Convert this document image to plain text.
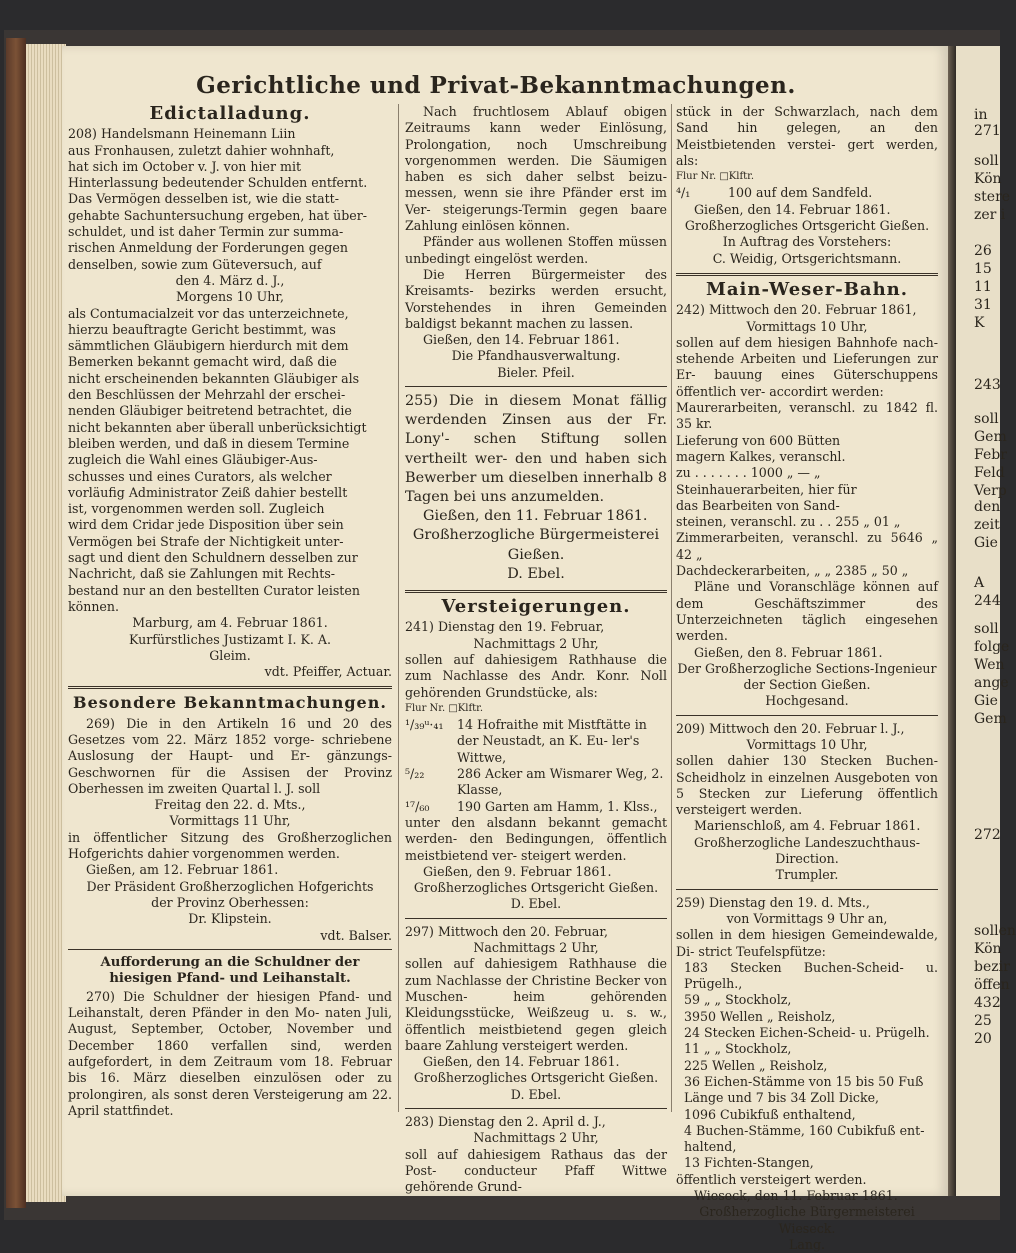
in
271
soll
Kön
stere
zer i
26
15
11
31
K
243
soll
Gem
Febr
Feld
Verp
den
zeit
Gie
A
244
soll
folge
Wen
ange
Gie
Gem
272
sollen
Kön
bezir
öffen
432
25
20
Gerichtliche und Privat-Bekanntmachungen.
Edictalladung.

208) Handelsmann Heinemann Liin

aus Fronhausen, zuletzt dahier wohnhaft,

hat sich im October v. J. von hier mit

Hinterlassung bedeutender Schulden entfernt.

Das Vermögen desselben ist, wie die statt-

gehabte Sachuntersuchung ergeben, hat über-

schuldet, und ist daher Termin zur summa-

rischen Anmeldung der Forderungen gegen

denselben, sowie zum Güteversuch, auf

den 4. März d. J.,

Morgens 10 Uhr,

als Contumacialzeit vor das unterzeichnete,

hierzu beauftragte Gericht bestimmt, was

sämmtlichen Gläubigern hierdurch mit dem

Bemerken bekannt gemacht wird, daß die

nicht erscheinenden bekannten Gläubiger als

den Beschlüssen der Mehrzahl der erschei-

nenden Gläubiger beitretend betrachtet, die

nicht bekannten aber überall unberücksichtigt

bleiben werden, und daß in diesem Termine

zugleich die Wahl eines Gläubiger-Aus-

schusses und eines Curators, als welcher

vorläufig Administrator Zeiß dahier bestellt

ist, vorgenommen werden soll. Zugleich

wird dem Cridar jede Disposition über sein

Vermögen bei Strafe der Nichtigkeit unter-

sagt und dient den Schuldnern desselben zur

Nachricht, daß sie Zahlungen mit Rechts-

bestand nur an den bestellten Curator leisten

können.

Marburg, am 4. Februar 1861.

Kurfürstliches Justizamt I. K. A.

Gleim.

vdt. Pfeiffer, Actuar.

Besondere Bekanntmachungen.

269) Die in den Artikeln 16 und 20 des Gesetzes vom 22. März 1852 vorge- schriebene Auslosung der Haupt- und Er- gänzungs-Geschwornen für die Assisen der Provinz Oberhessen im zweiten Quartal l. J. soll

Freitag den 22. d. Mts.,

Vormittags 11 Uhr,

in öffentlicher Sitzung des Großherzoglichen Hofgerichts dahier vorgenommen werden.

Gießen, am 12. Februar 1861.

Der Präsident Großherzoglichen Hofgerichts

der Provinz Oberhessen:

Dr. Klipstein.

vdt. Balser.

Aufforderung an die Schuldner der hiesigen Pfand- und Leihanstalt.

270) Die Schuldner der hiesigen Pfand- und Leihanstalt, deren Pfänder in den Mo- naten Juli, August, September, October, November und December 1860 verfallen sind, werden aufgefordert, in dem Zeitraum vom 18. Februar bis 16. März dieselben einzulösen oder zu prolongiren, als sonst deren Versteigerung am 22. April stattfindet.

Nach fruchtlosem Ablauf obigen Zeitraums kann weder Einlösung, Prolongation, noch Umschreibung vorgenommen werden. Die Säumigen haben es sich daher selbst beizu- messen, wenn sie ihre Pfänder erst im Ver- steigerungs-Termin gegen baare Zahlung einlösen können.

Pfänder aus wollenen Stoffen müssen unbedingt eingelöst werden.

Die Herren Bürgermeister des Kreisamts- bezirks werden ersucht, Vorstehendes in ihren Gemeinden baldigst bekannt machen zu lassen.

Gießen, den 14. Februar 1861.

Die Pfandhausverwaltung.

Bieler. Pfeil.

255) Die in diesem Monat fällig werdenden Zinsen aus der Fr. Lony'- schen Stiftung sollen vertheilt wer- den und haben sich Bewerber um dieselben innerhalb 8 Tagen bei uns anzumelden.

Gießen, den 11. Februar 1861.

Großherzogliche Bürgermeisterei

Gießen.

D. Ebel.

Versteigerungen.

241) Dienstag den 19. Februar,

Nachmittags 2 Uhr,

sollen auf dahiesigem Rathhause die zum Nachlasse des Andr. Konr. Noll gehörenden Grundstücke, als:

Flur Nr. □Klftr.

¹/₃₉ᵘ·₄₁	14 Hofraithe mit Mistftätte in der Neustadt, an K. Eu- ler's Wittwe,
⁵/₂₂	286 Acker am Wismarer Weg, 2. Klasse,
¹⁷/₆₀	190 Garten am Hamm, 1. Klss.,

unter den alsdann bekannt gemacht werden- den Bedingungen, öffentlich meistbietend ver- steigert werden.

Gießen, den 9. Februar 1861.

Großherzogliches Ortsgericht Gießen.

D. Ebel.

297) Mittwoch den 20. Februar,

Nachmittags 2 Uhr,

sollen auf dahiesigem Rathhause die zum Nachlasse der Christine Becker von Muschen- heim gehörenden Kleidungsstücke, Weißzeug u. s. w., öffentlich meistbietend gegen gleich baare Zahlung versteigert werden.

Gießen, den 14. Februar 1861.

Großherzogliches Ortsgericht Gießen.

D. Ebel.

283) Dienstag den 2. April d. J.,

Nachmittags 2 Uhr,

soll auf dahiesigem Rathaus das der Post- conducteur Pfaff Wittwe gehörende Grund-

stück in der Schwarzlach, nach dem Sand hin gelegen, an den Meistbietenden verstei- gert werden, als:

Flur Nr. □Klftr.

⁴/₁	100 auf dem Sandfeld.

Gießen, den 14. Februar 1861.

Großherzogliches Ortsgericht Gießen.

In Auftrag des Vorstehers:

C. Weidig, Ortsgerichtsmann.

Main-Weser-Bahn.

242) Mittwoch den 20. Februar 1861,

Vormittags 10 Uhr,

sollen auf dem hiesigen Bahnhofe nach- stehende Arbeiten und Lieferungen zur Er- bauung eines Güterschuppens öffentlich ver- accordirt werden:

Maurerarbeiten, veranschl. zu 1842 fl. 35 kr.

Lieferung von 600 Bütten

magern Kalkes, veranschl.

zu . . . . . . . 1000 „ — „

Steinhauerarbeiten, hier für

das Bearbeiten von Sand-

steinen, veranschl. zu . . 255 „ 01 „

Zimmerarbeiten, veranschl. zu 5646 „ 42 „

Dachdeckerarbeiten, „ „ 2385 „ 50 „

Pläne und Voranschläge können auf dem Geschäftszimmer des Unterzeichneten täglich eingesehen werden.

Gießen, den 8. Februar 1861.

Der Großherzogliche Sections-Ingenieur

der Section Gießen.

Hochgesand.

209) Mittwoch den 20. Februar l. J.,

Vormittags 10 Uhr,

sollen dahier 130 Stecken Buchen-Scheidholz in einzelnen Ausgeboten von 5 Stecken zur Lieferung öffentlich versteigert werden.

Marienschloß, am 4. Februar 1861.

Großherzogliche Landeszuchthaus-Direction.

Trumpler.

259) Dienstag den 19. d. Mts.,

von Vormittags 9 Uhr an,

sollen in dem hiesigen Gemeindewalde, Di- strict Teufelspfütze:

183 Stecken Buchen-Scheid- u. Prügelh.,

59 „ „ Stockholz,

3950 Wellen „ Reisholz,

24 Stecken Eichen-Scheid- u. Prügelh.

11 „ „ Stockholz,

225 Wellen „ Reisholz,

36 Eichen-Stämme von 15 bis 50 Fuß

Länge und 7 bis 34 Zoll Dicke,

1096 Cubikfuß enthaltend,

4 Buchen-Stämme, 160 Cubikfuß ent-

haltend,

13 Fichten-Stangen,

öffentlich versteigert werden.

Wieseck, den 11. Februar 1861.

Großherzogliche Bürgermeisterei Wieseck.

Lang.
